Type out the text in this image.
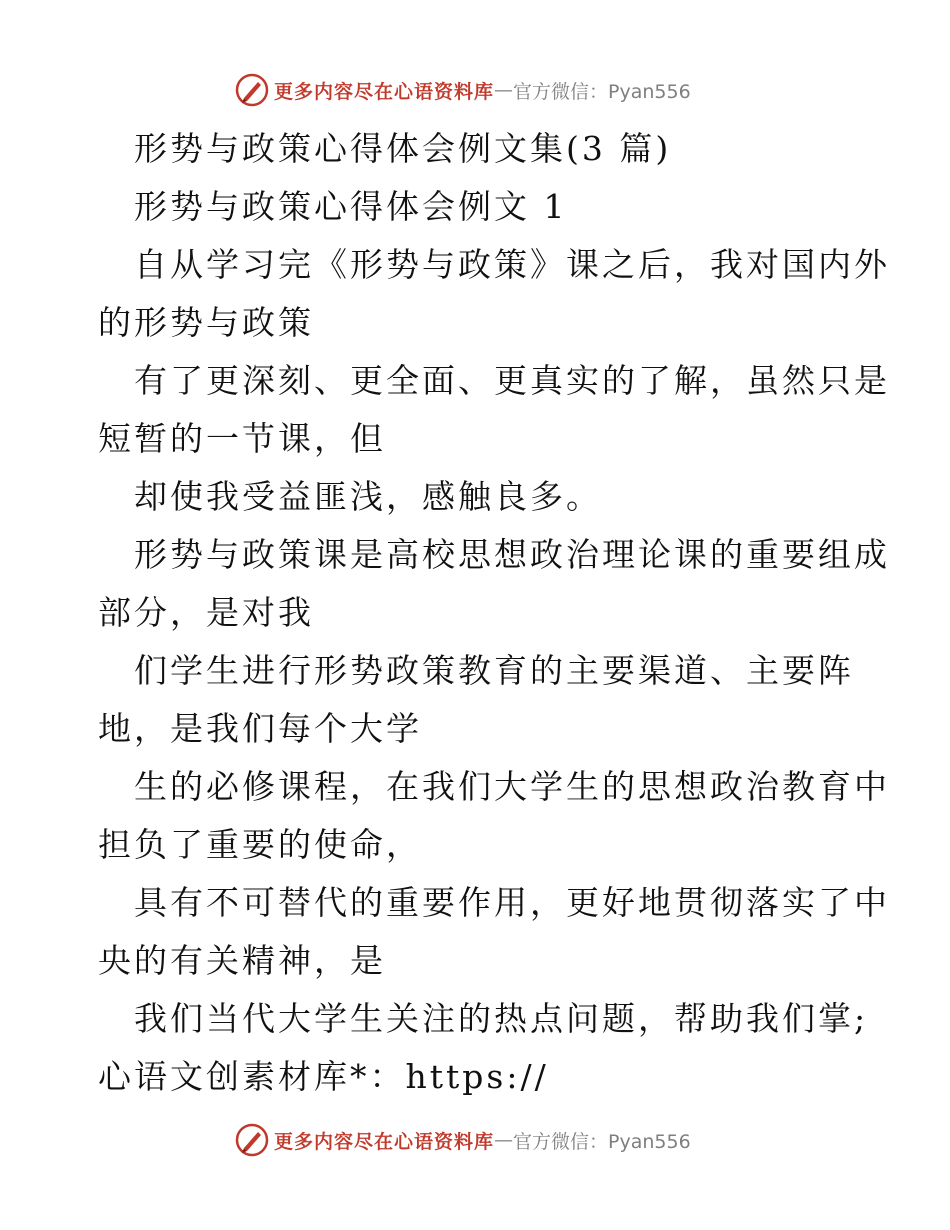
更多内容尽在心语资料库 — 官方微信：Pyan556
形势与政策心得体会例文集(3 篇)
形势与政策心得体会例文 1
自从学习完《形势与政策》课之后，我对国内外
的形势与政策
有了更深刻、更全面、更真实的了解，虽然只是
短暂的一节课，但
却使我受益匪浅，感触良多。
形势与政策课是高校思想政治理论课的重要组成
部分，是对我
们学生进行形势政策教育的主要渠道、主要阵
地，是我们每个大学
生的必修课程，在我们大学生的思想政治教育中
担负了重要的使命，
具有不可替代的重要作用，更好地贯彻落实了中
央的有关精神，是
我们当代大学生关注的热点问题，帮助我们掌;
心语文创素材库*：https://
更多内容尽在心语资料库 — 官方微信：Pyan556
